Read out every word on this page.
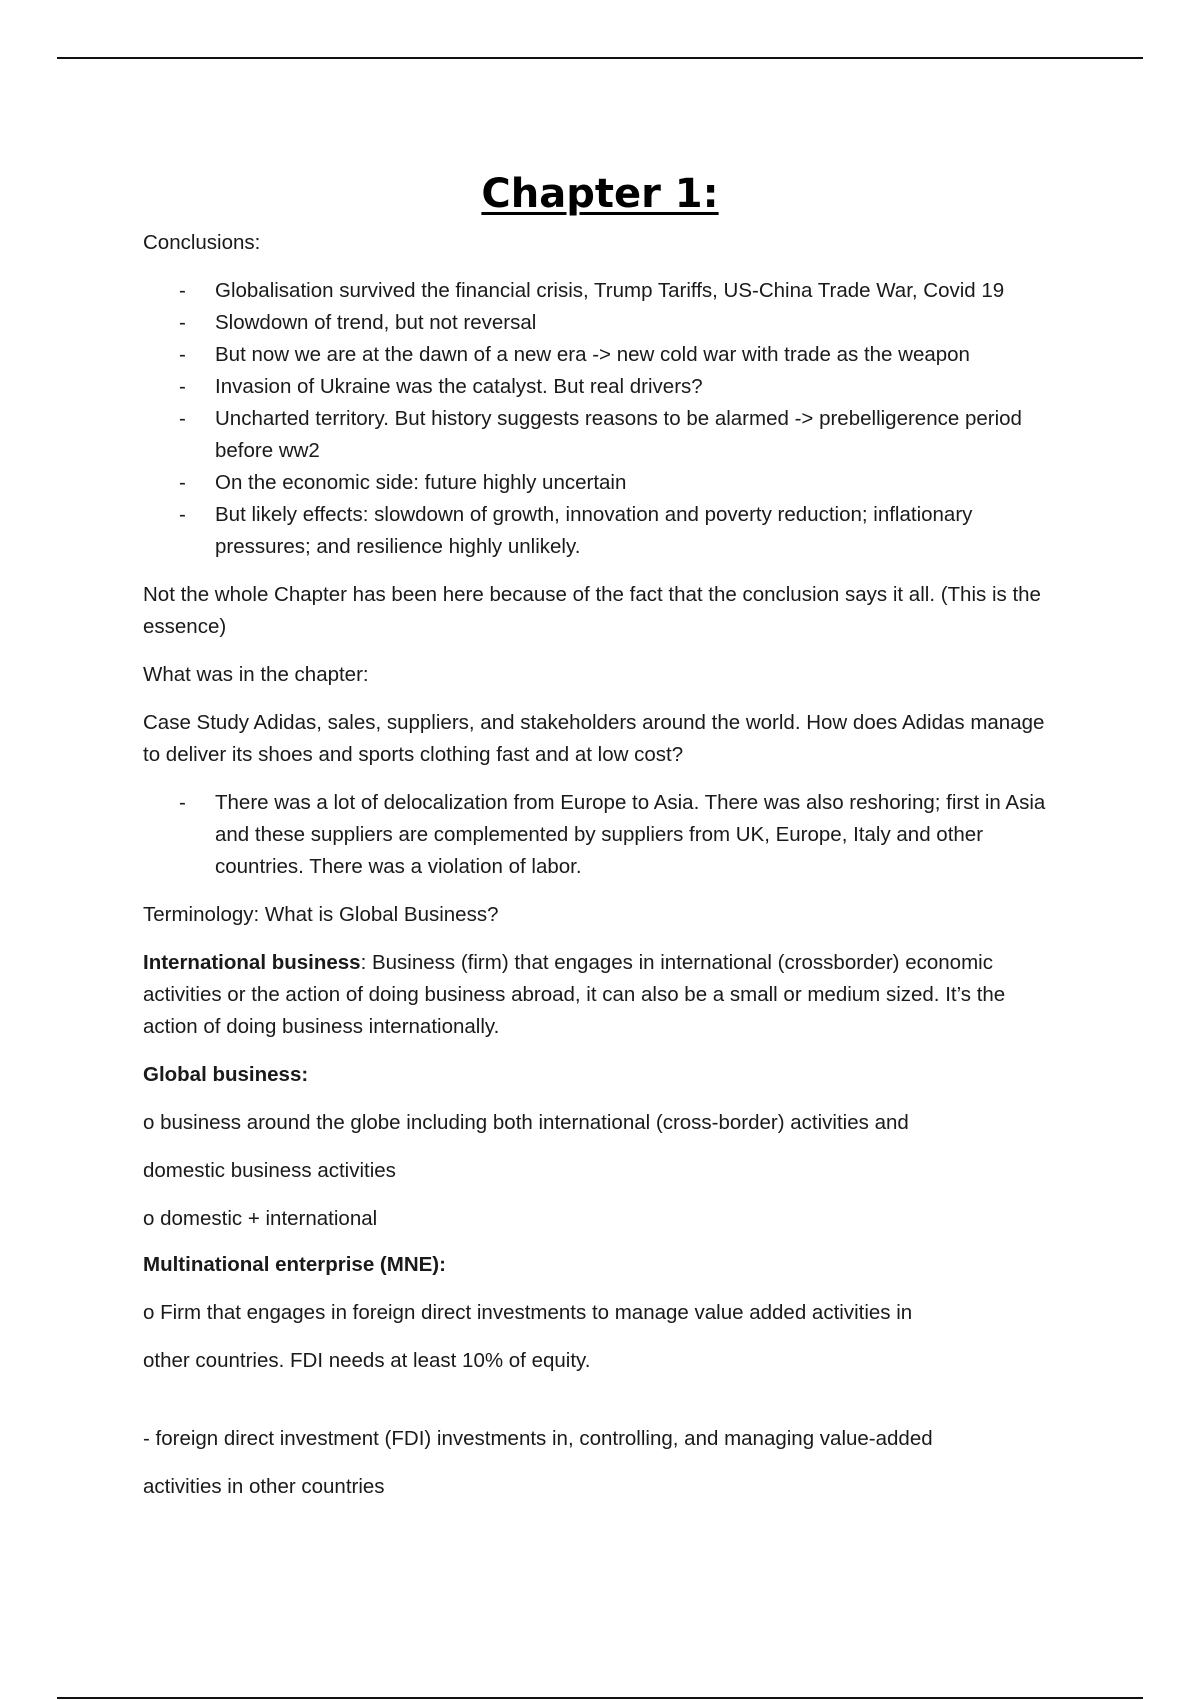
Chapter 1:

Conclusions:

- Globalisation survived the financial crisis, Trump Tariffs, US-China Trade War, Covid 19
- Slowdown of trend, but not reversal
- But now we are at the dawn of a new era -> new cold war with trade as the weapon
- Invasion of Ukraine was the catalyst. But real drivers?
- Uncharted territory. But history suggests reasons to be alarmed -> prebelligerence period before ww2
- On the economic side: future highly uncertain
- But likely effects: slowdown of growth, innovation and poverty reduction; inflationary pressures; and resilience highly unlikely.

Not the whole Chapter has been here because of the fact that the conclusion says it all. (This is the essence)

What was in the chapter:

Case Study Adidas, sales, suppliers, and stakeholders around the world. How does Adidas manage to deliver its shoes and sports clothing fast and at low cost?

- There was a lot of delocalization from Europe to Asia. There was also reshoring; first in Asia and these suppliers are complemented by suppliers from UK, Europe, Italy and other countries. There was a violation of labor.

Terminology: What is Global Business?

International business: Business (firm) that engages in international (crossborder) economic activities or the action of doing business abroad, it can also be a small or medium sized. It’s the action of doing business internationally.

Global business:

o business around the globe including both international (cross-border) activities and

domestic business activities

o domestic + international

Multinational enterprise (MNE):

o Firm that engages in foreign direct investments to manage value added activities in

other countries. FDI needs at least 10% of equity.

- foreign direct investment (FDI) investments in, controlling, and managing value-added

activities in other countries
